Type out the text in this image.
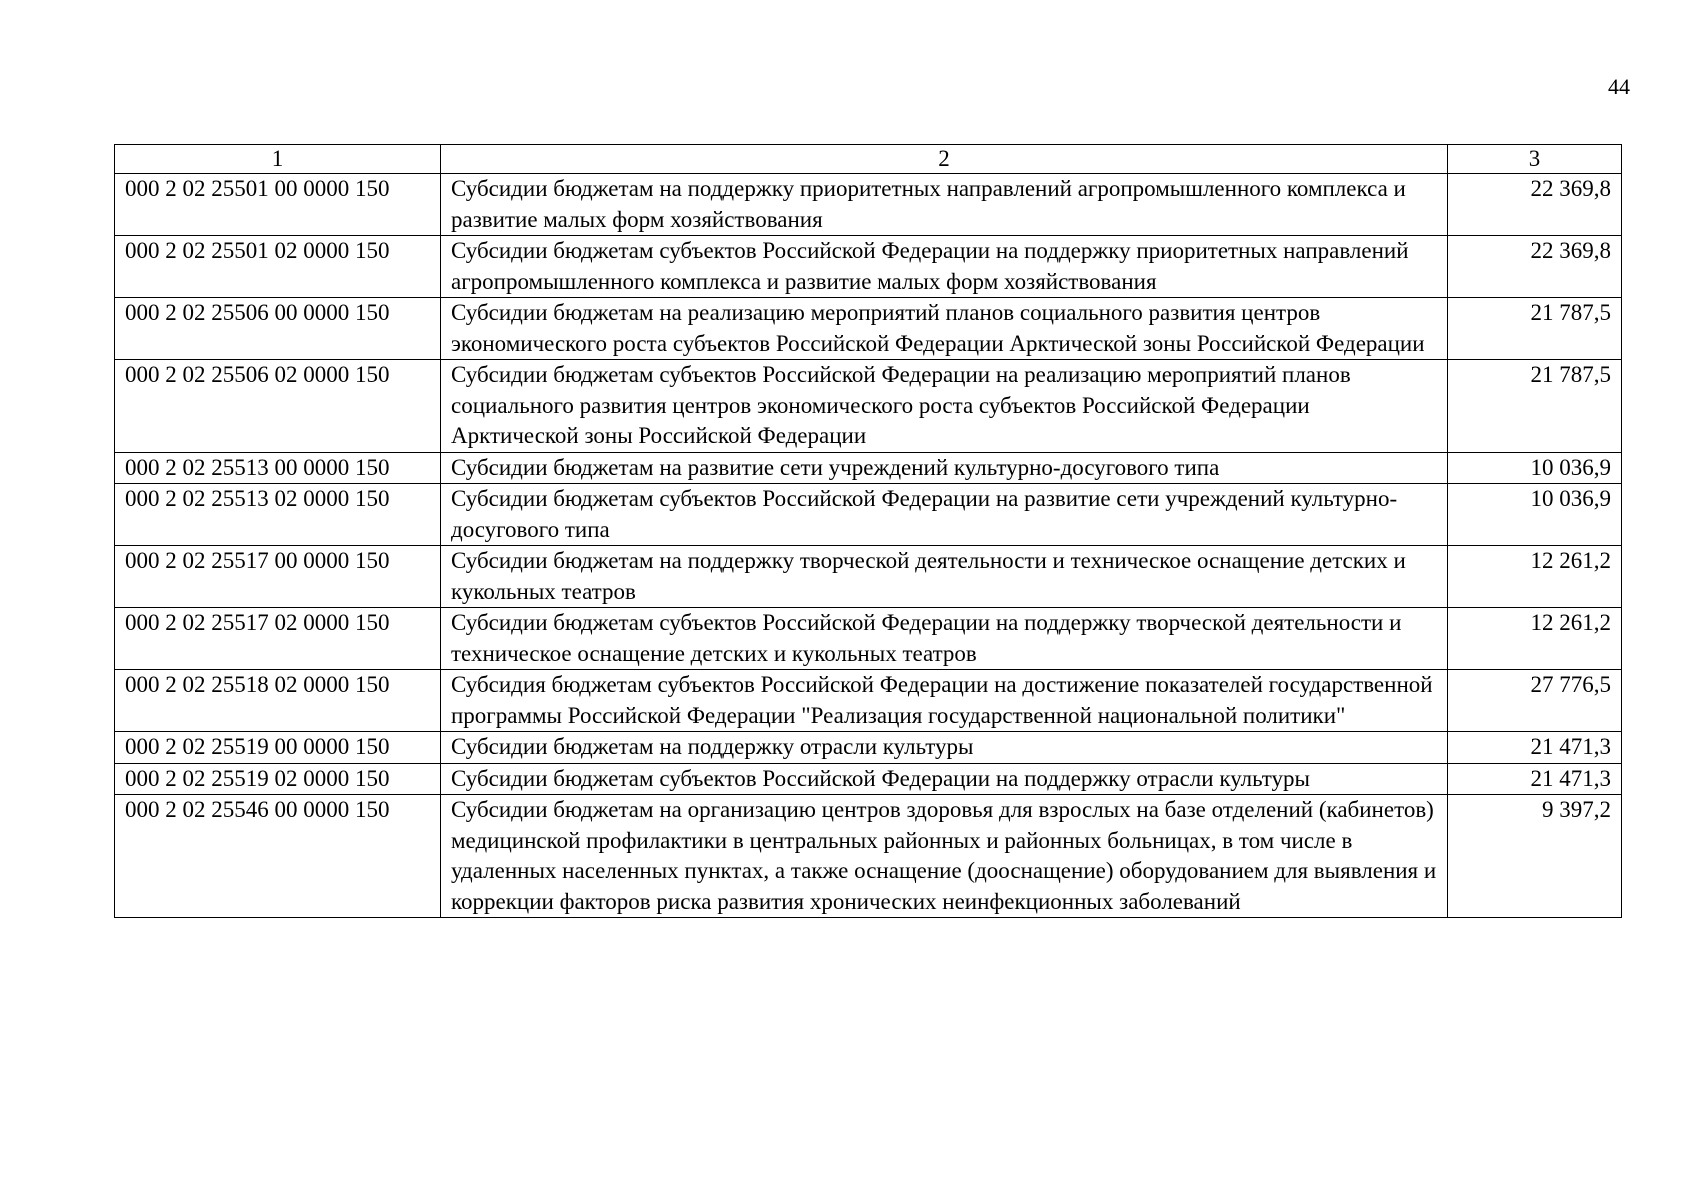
44
1	2	3
000 2 02 25501 00 0000 150	Субсидии бюджетам на поддержку приоритетных направлений агропромышленного комплекса и развитие малых форм хозяйствования	22 369,8
000 2 02 25501 02 0000 150	Субсидии бюджетам субъектов Российской Федерации на поддержку приоритетных направлений агропромышленного комплекса и развитие малых форм хозяйствования	22 369,8
000 2 02 25506 00 0000 150	Субсидии бюджетам на реализацию мероприятий планов социального развития центров экономического роста субъектов Российской Федерации Арктической зоны Российской Федерации	21 787,5
000 2 02 25506 02 0000 150	Субсидии бюджетам субъектов Российской Федерации на реализацию мероприятий планов социального развития центров экономического роста субъектов Российской Федерации Арктической зоны Российской Федерации	21 787,5
000 2 02 25513 00 0000 150	Субсидии бюджетам на развитие сети учреждений культурно-досугового типа	10 036,9
000 2 02 25513 02 0000 150	Субсидии бюджетам субъектов Российской Федерации на развитие сети учреждений культурно-досугового типа	10 036,9
000 2 02 25517 00 0000 150	Субсидии бюджетам на поддержку творческой деятельности и техническое оснащение детских и кукольных театров	12 261,2
000 2 02 25517 02 0000 150	Субсидии бюджетам субъектов Российской Федерации на поддержку творческой деятельности и техническое оснащение детских и кукольных театров	12 261,2
000 2 02 25518 02 0000 150	Субсидия бюджетам субъектов Российской Федерации на достижение показателей государственной программы Российской Федерации "Реализация государственной национальной политики"	27 776,5
000 2 02 25519 00 0000 150	Субсидии бюджетам на поддержку отрасли культуры	21 471,3
000 2 02 25519 02 0000 150	Субсидии бюджетам субъектов Российской Федерации на поддержку отрасли культуры	21 471,3
000 2 02 25546 00 0000 150	Субсидии бюджетам на организацию центров здоровья для взрослых на базе отделений (кабинетов) медицинской профилактики в центральных районных и районных больницах, в том числе в удаленных населенных пунктах, а также оснащение (дооснащение) оборудованием для выявления и коррекции факторов риска развития хронических неинфекционных заболеваний	9 397,2
